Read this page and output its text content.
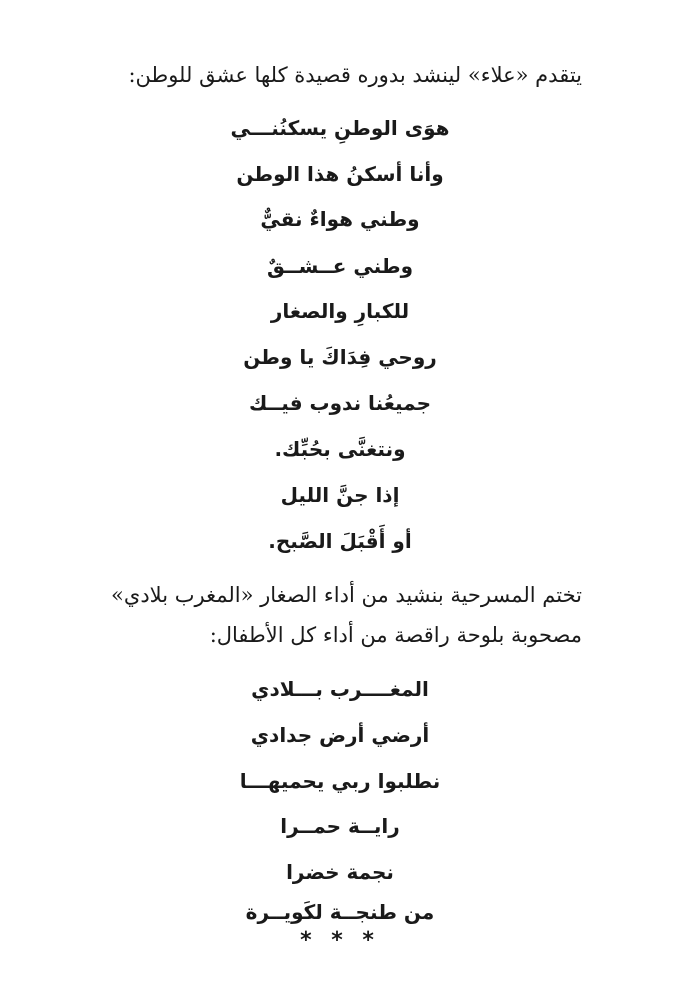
يتقدم «علاء» لينشد بدوره قصيدة كلها عشق للوطن:
هوَى الوطنِ يسكنُنـــي
وأنا أسكنُ هذا الوطن
وطني هواءٌ نقيٌّ
وطني عــشــقٌ
للكبارِ والصغار
روحي فِدَاكَ يا وطن
جميعُنا ندوب فيــك
ونتغنَّى بحُبِّك.
إذا جنَّ الليل
أو أَقْبَلَ الصَّبح.
تختم المسرحية بنشيد من أداء الصغار «المغرب بلادي»
مصحوبة بلوحة راقصة من أداء كل الأطفال:
المغــــرب بـــلادي
أرضي أرض جدادي
نطلبوا ربي يحميهـــا
رايــة حمــرا
نجمة خضرا
من طنجــة لكَويــرة
* * *
